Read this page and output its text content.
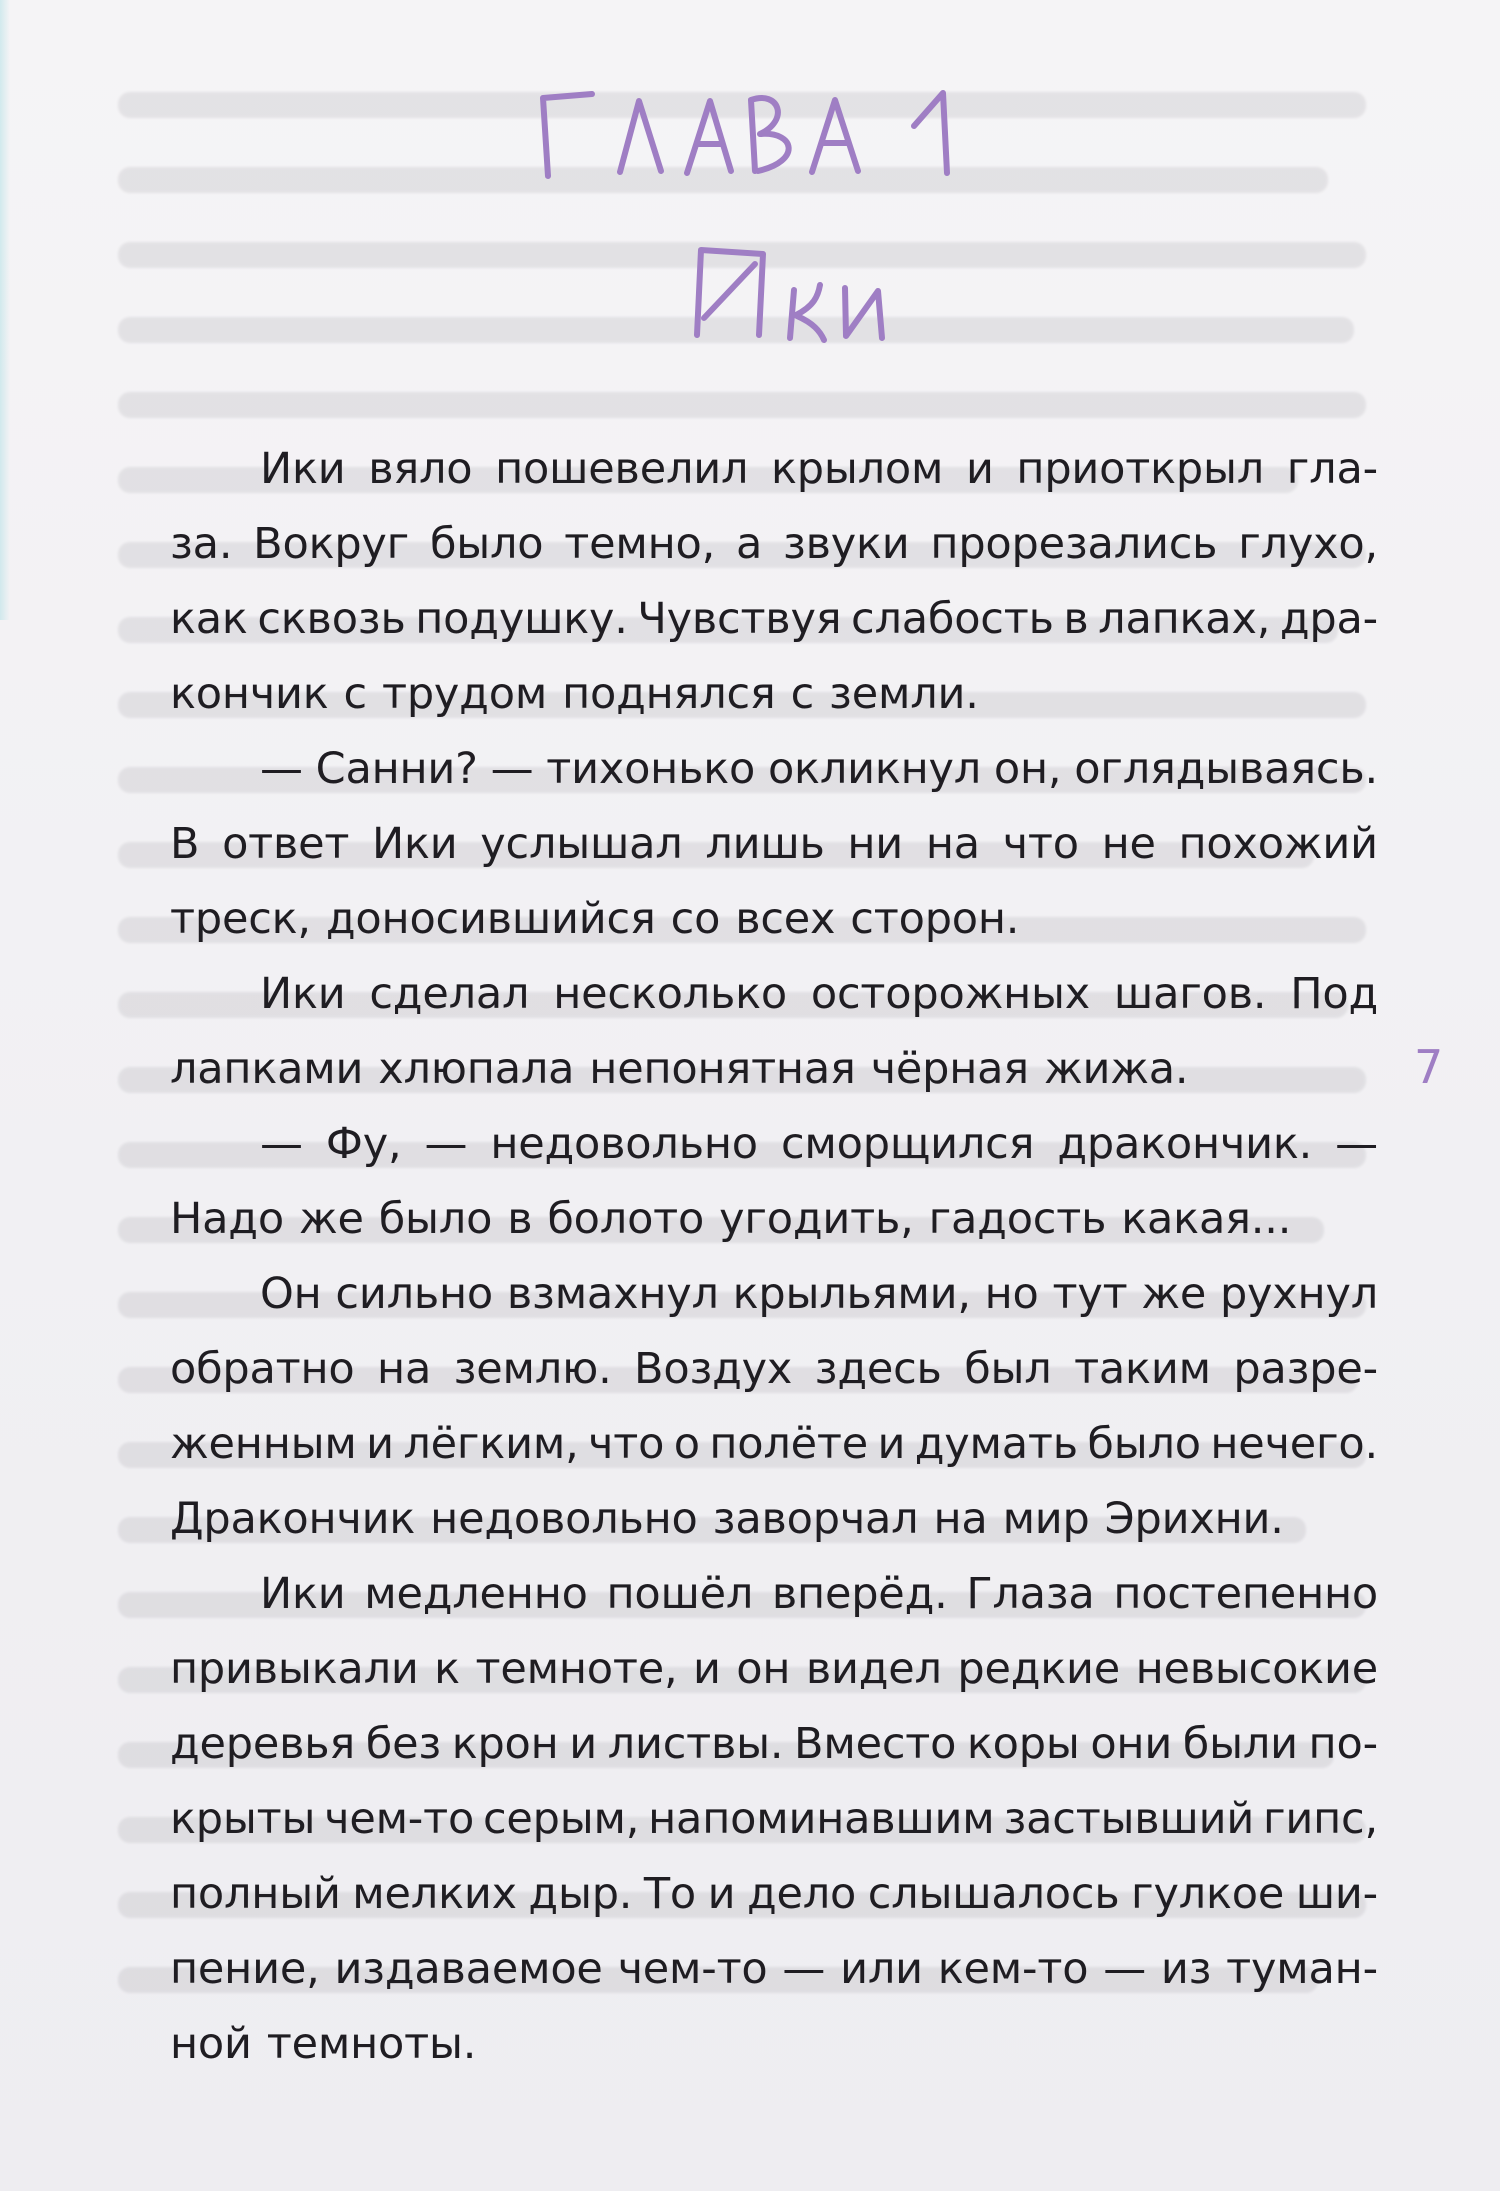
Ики вяло пошевелил крылом и приоткрыл гла-
за. Вокруг было темно, а звуки прорезались глухо,
как сквозь подушку. Чувствуя слабость в лапках, дра-
кончик с трудом поднялся с земли.
— Санни? — тихонько окликнул он, оглядываясь.
В ответ Ики услышал лишь ни на что не похожий
треск, доносившийся со всех сторон.
Ики сделал несколько осторожных шагов. Под
лапками хлюпала непонятная чёрная жижа.
— Фу, — недовольно сморщился дракончик. —
Надо же было в болото угодить, гадость какая...
Он сильно взмахнул крыльями, но тут же рухнул
обратно на землю. Воздух здесь был таким разре-
женным и лёгким, что о полёте и думать было нечего.
Дракончик недовольно заворчал на мир Эрихни.
Ики медленно пошёл вперёд. Глаза постепенно
привыкали к темноте, и он видел редкие невысокие
деревья без крон и листвы. Вместо коры они были по-
крыты чем-то серым, напоминавшим застывший гипс,
полный мелких дыр. То и дело слышалось гулкое ши-
пение, издаваемое чем-то — или кем-то — из туман-
ной темноты.
7
